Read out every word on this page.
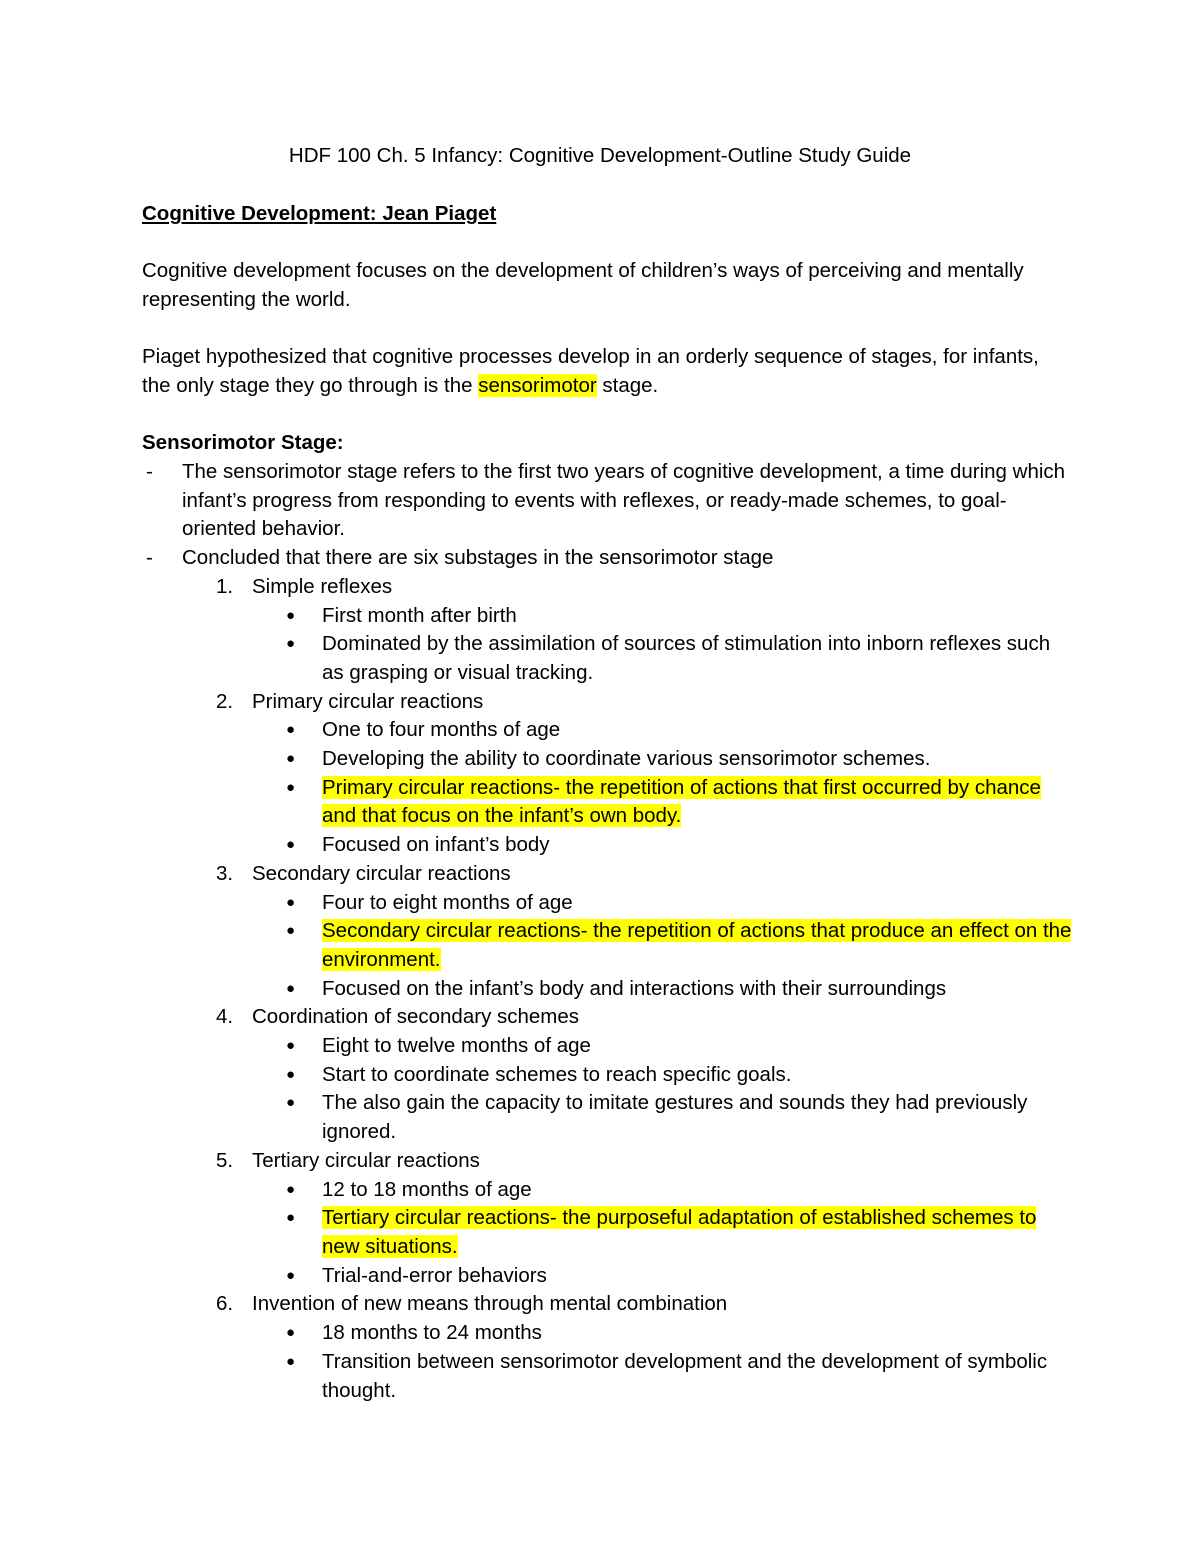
HDF 100 Ch. 5 Infancy: Cognitive Development-Outline Study Guide
Cognitive Development: Jean Piaget
Cognitive development focuses on the development of children’s ways of perceiving and mentally representing the world.
Piaget hypothesized that cognitive processes develop in an orderly sequence of stages, for infants, the only stage they go through is the sensorimotor stage.
Sensorimotor Stage:
- The sensorimotor stage refers to the first two years of cognitive development, a time during which infant’s progress from responding to events with reflexes, or ready-made schemes, to goal-oriented behavior.
- Concluded that there are six substages in the sensorimotor stage
1. Simple reflexes
● First month after birth
● Dominated by the assimilation of sources of stimulation into inborn reflexes such as grasping or visual tracking.
2. Primary circular reactions
● One to four months of age
● Developing the ability to coordinate various sensorimotor schemes.
● Primary circular reactions- the repetition of actions that first occurred by chance and that focus on the infant’s own body.
● Focused on infant’s body
3. Secondary circular reactions
● Four to eight months of age
● Secondary circular reactions- the repetition of actions that produce an effect on the environment.
● Focused on the infant’s body and interactions with their surroundings
4. Coordination of secondary schemes
● Eight to twelve months of age
● Start to coordinate schemes to reach specific goals.
● The also gain the capacity to imitate gestures and sounds they had previously ignored.
5. Tertiary circular reactions
● 12 to 18 months of age
● Tertiary circular reactions- the purposeful adaptation of established schemes to new situations.
● Trial-and-error behaviors
6. Invention of new means through mental combination
● 18 months to 24 months
● Transition between sensorimotor development and the development of symbolic thought.
